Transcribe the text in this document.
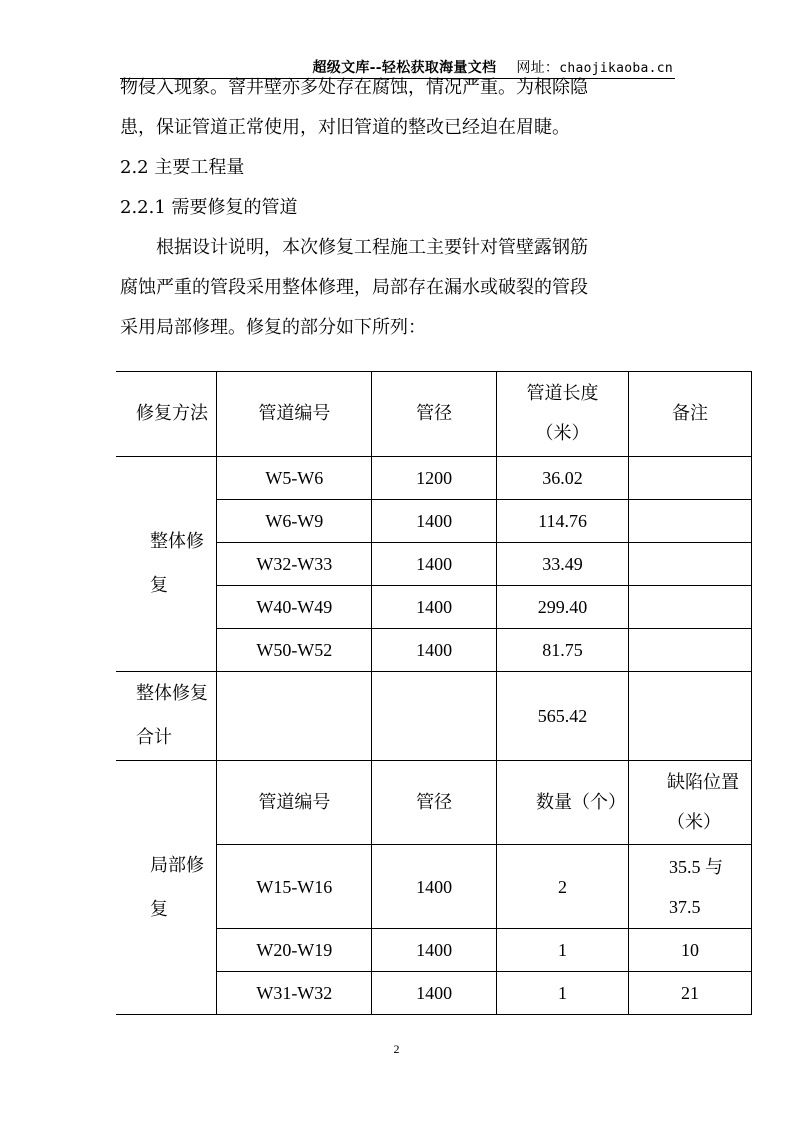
超级文库--轻松获取海量文档 网址：chaojikaoba.cn

物侵入现象。窨井壁亦多处存在腐蚀，情况严重。为根除隐

患，保证管道正常使用，对旧管道的整改已经迫在眉睫。

2.2 主要工程量

2.2.1 需要修复的管道

根据设计说明，本次修复工程施工主要针对管壁露钢筋

腐蚀严重的管段采用整体修理，局部存在漏水或破裂的管段

采用局部修理。修复的部分如下所列：

修复方法	管道编号	管径	管道长度（米）	备注
整体修复	W5-W6	1200	36.02	
	W6-W9	1400	114.76	
	W32-W33	1400	33.49	
	W40-W49	1400	299.40	
	W50-W52	1400	81.75	
整体修复合计			565.42	
局部修复	管道编号	管径	数量（个）	缺陷位置（米）
	W15-W16	1400	2	35.5 与 37.5
	W20-W19	1400	1	10
	W31-W32	1400	1	21
2
